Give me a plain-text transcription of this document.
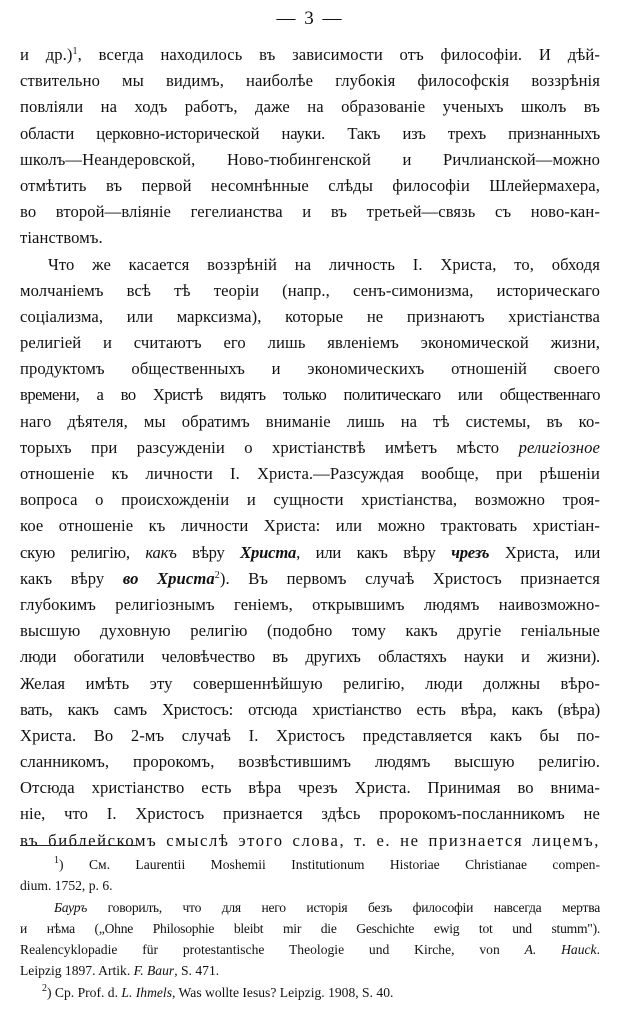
— 3 —
и др.)$^1$, всегда находилось въ зависимости отъ философіи. И дѣй-
ствительно мы видимъ, наиболѣе глубокія философскія воззрѣнія
повліяли на ходъ работъ, даже на образованіе ученыхъ школъ въ
области церковно-исторической науки. Такъ изъ трехъ признанныхъ
школъ—Неандеровской, Ново-тюбингенской и Ричлианской—можно
отмѣтить въ первой несомнѣнные слѣды философіи Шлейермахера,
во второй—вліяніе гегелианства и въ третьей—связь съ ново-кан-
тіанствомъ.
Что же касается воззрѣній на личность І. Христа, то, обходя
молчаніемъ всѣ тѣ теоріи (напр., сенъ-симонизма, историческаго
соціализма, или марксизма), которые не признаютъ христіанства
религіей и считаютъ его лишь явленіемъ экономической жизни,
продуктомъ общественныхъ и экономическихъ отношеній своего
времени, а во Христѣ видятъ только политическаго или общественнаго
наго дѣятеля, мы обратимъ вниманіе лишь на тѣ системы, въ ко-
торыхъ при разсужденіи о христіанствѣ имѣетъ мѣсто религіозное
отношеніе къ личности І. Христа.—Разсуждая вообще, при рѣшеніи
вопроса о происхожденіи и сущности христіанства, возможно троя-
кое отношеніе къ личности Христа: или можно трактовать христіан-
скую религію, какъ вѣру Христа, или какъ вѣру чрезъ Христа, или
какъ вѣру во Христа$^2$). Въ первомъ случаѣ Христосъ признается
глубокимъ религіознымъ геніемъ, открывшимъ людямъ наивозможно-
высшую духовную религію (подобно тому какъ другіе геніальные
люди обогатили человѣчество въ другихъ областяхъ науки и жизни).
Желая имѣть эту совершеннѣйшую религію, люди должны вѣро-
вать, какъ самъ Христосъ: отсюда христіанство есть вѣра, какъ (вѣра)
Христа. Во 2-мъ случаѣ І. Христосъ представляется какъ бы по-
сланникомъ, пророкомъ, возвѣстившимъ людямъ высшую религію.
Отсюда христіанство есть вѣра чрезъ Христа. Принимая во внима-
ніе, что І. Христосъ признается здѣсь пророкомъ-посланникомъ не
въ библейскомъ смыслѣ этого слова, т. е. не признается лицемъ,
$^1$) Cм. Laurentii Moshemii Institutionum Historiae Christianae compen-
dium. 1752, p. 6.
Бауръ говорилъ, что для него исторія безъ философіи навсегда мертва
и нѣма („Ohne Philosophie bleibt mir die Geschichte ewig tot und stumm").
Realencyklopadie für protestantische Theologie und Kirche, von A. Hauck.
Leipzig 1897. Artik. F. Baur, S. 471.
$^2$) Cp. Prof. d. L. Ihmels, Was wollte Iesus? Leipzig. 1908, S. 40.
